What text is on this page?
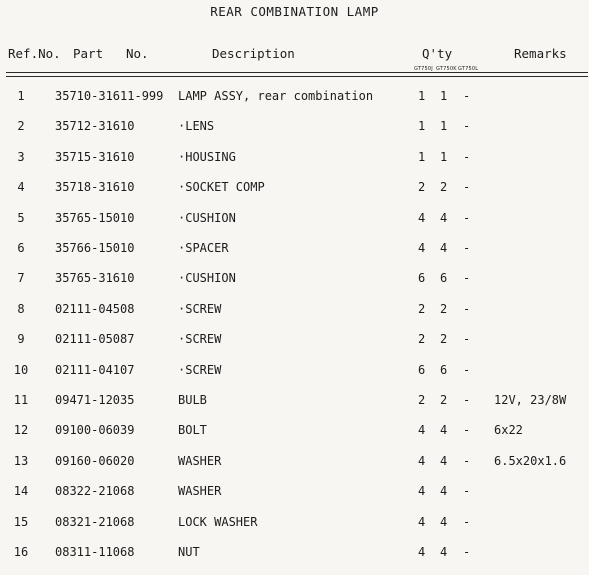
REAR COMBINATION LAMP
Ref.No. Part No.	Description	Q'ty	Remarks
GT750J GT750K GT750L
1	35710-31611-999 LAMP ASSY, rear combination	1 1 -
2	35712-31610	·LENS	1 1 -
3	35715-31610	·HOUSING	1 1 -
4	35718-31610	·SOCKET COMP	2 2 -
5	35765-15010	·CUSHION	4 4 -
6	35766-15010	·SPACER	4 4 -
7	35765-31610	·CUSHION	6 6 -
8	02111-04508	·SCREW	2 2 -
9	02111-05087	·SCREW	2 2 -
10	02111-04107	·SCREW	6 6 -
11	09471-12035	BULB	2 2 - 12V, 23/8W
12	09100-06039	BOLT	4 4 - 6x22
13	09160-06020	WASHER	4 4 - 6.5x20x1.6
14	08322-21068	WASHER	4 4 -
15	08321-21068	LOCK WASHER	4 4 -
16	08311-11068	NUT	4 4 -
